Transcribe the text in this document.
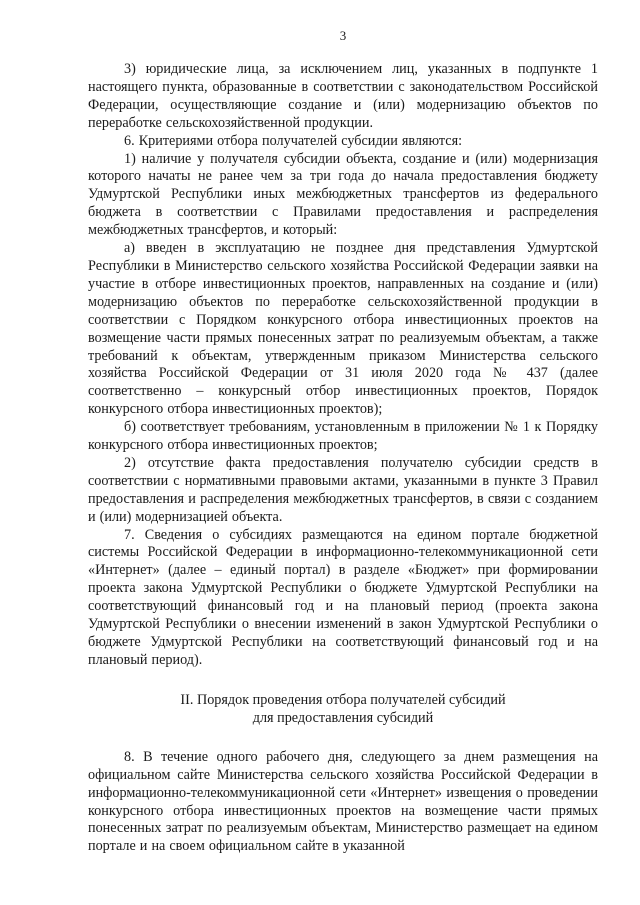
3

3) юридические лица, за исключением лиц, указанных в подпункте 1 настоящего пункта, образованные в соответствии с законодательством Российской Федерации, осуществляющие создание и (или) модернизацию объектов по переработке сельскохозяйственной продукции.

6. Критериями отбора получателей субсидии являются:

1) наличие у получателя субсидии объекта, создание и (или) модернизация которого начаты не ранее чем за три года до начала предоставления бюджету Удмуртской Республики иных межбюджетных трансфертов из федерального бюджета в соответствии с Правилами предоставления и распределения межбюджетных трансфертов, и который:

а) введен в эксплуатацию не позднее дня представления Удмуртской Республики в Министерство сельского хозяйства Российской Федерации заявки на участие в отборе инвестиционных проектов, направленных на создание и (или) модернизацию объектов по переработке сельскохозяйственной продукции в соответствии с Порядком конкурсного отбора инвестиционных проектов на возмещение части прямых понесенных затрат по реализуемым объектам, а также требований к объектам, утвержденным приказом Министерства сельского хозяйства Российской Федерации от 31 июля 2020 года № 437 (далее соответственно – конкурсный отбор инвестиционных проектов, Порядок конкурсного отбора инвестиционных проектов);

б) соответствует требованиям, установленным в приложении № 1 к Порядку конкурсного отбора инвестиционных проектов;

2) отсутствие факта предоставления получателю субсидии средств в соответствии с нормативными правовыми актами, указанными в пункте 3 Правил предоставления и распределения межбюджетных трансфертов, в связи с созданием и (или) модернизацией объекта.

7. Сведения о субсидиях размещаются на едином портале бюджетной системы Российской Федерации в информационно-телекоммуникационной сети «Интернет» (далее – единый портал) в разделе «Бюджет» при формировании проекта закона Удмуртской Республики о бюджете Удмуртской Республики на соответствующий финансовый год и на плановый период (проекта закона Удмуртской Республики о внесении изменений в закон Удмуртской Республики о бюджете Удмуртской Республики на соответствующий финансовый год и на плановый период).

II. Порядок проведения отбора получателей субсидий
для предоставления субсидий

8. В течение одного рабочего дня, следующего за днем размещения на официальном сайте Министерства сельского хозяйства Российской Федерации в информационно-телекоммуникационной сети «Интернет» извещения о проведении конкурсного отбора инвестиционных проектов на возмещение части прямых понесенных затрат по реализуемым объектам, Министерство размещает на едином портале и на своем официальном сайте в указанной
